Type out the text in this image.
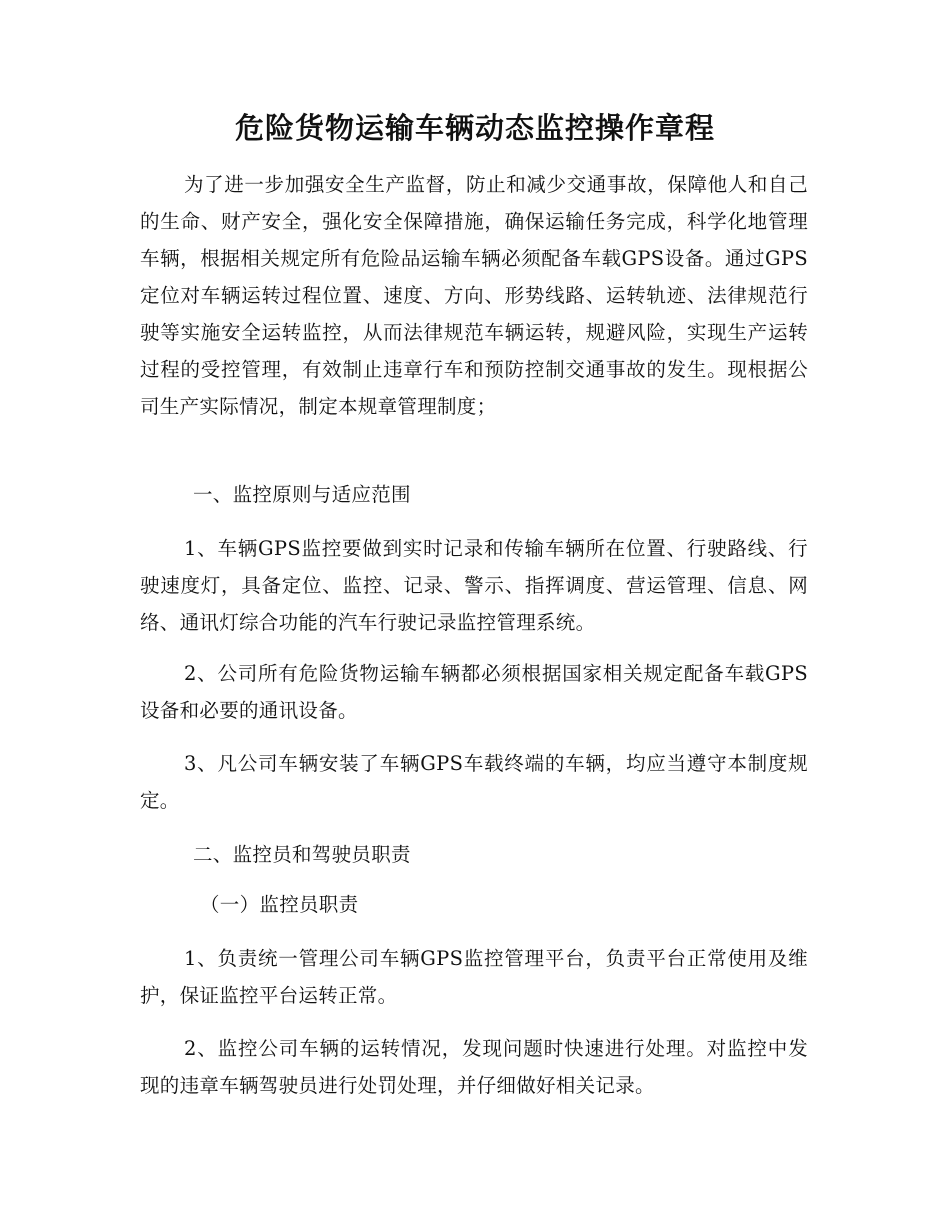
危险货物运输车辆动态监控操作章程

为了进一步加强安全生产监督，防止和减少交通事故，保障他人和自己的生命、财产安全，强化安全保障措施，确保运输任务完成，科学化地管理车辆，根据相关规定所有危险品运输车辆必须配备车载GPS设备。通过GPS定位对车辆运转过程位置、速度、方向、形势线路、运转轨迹、法律规范行驶等实施安全运转监控，从而法律规范车辆运转，规避风险，实现生产运转过程的受控管理，有效制止违章行车和预防控制交通事故的发生。现根据公司生产实际情况，制定本规章管理制度；

一、监控原则与适应范围

1、车辆GPS监控要做到实时记录和传输车辆所在位置、行驶路线、行驶速度灯，具备定位、监控、记录、警示、指挥调度、营运管理、信息、网络、通讯灯综合功能的汽车行驶记录监控管理系统。

2、公司所有危险货物运输车辆都必须根据国家相关规定配备车载GPS设备和必要的通讯设备。

3、凡公司车辆安装了车辆GPS车载终端的车辆，均应当遵守本制度规定。

二、监控员和驾驶员职责

（一）监控员职责

1、负责统一管理公司车辆GPS监控管理平台，负责平台正常使用及维护，保证监控平台运转正常。

2、监控公司车辆的运转情况，发现问题时快速进行处理。对监控中发现的违章车辆驾驶员进行处罚处理，并仔细做好相关记录。
